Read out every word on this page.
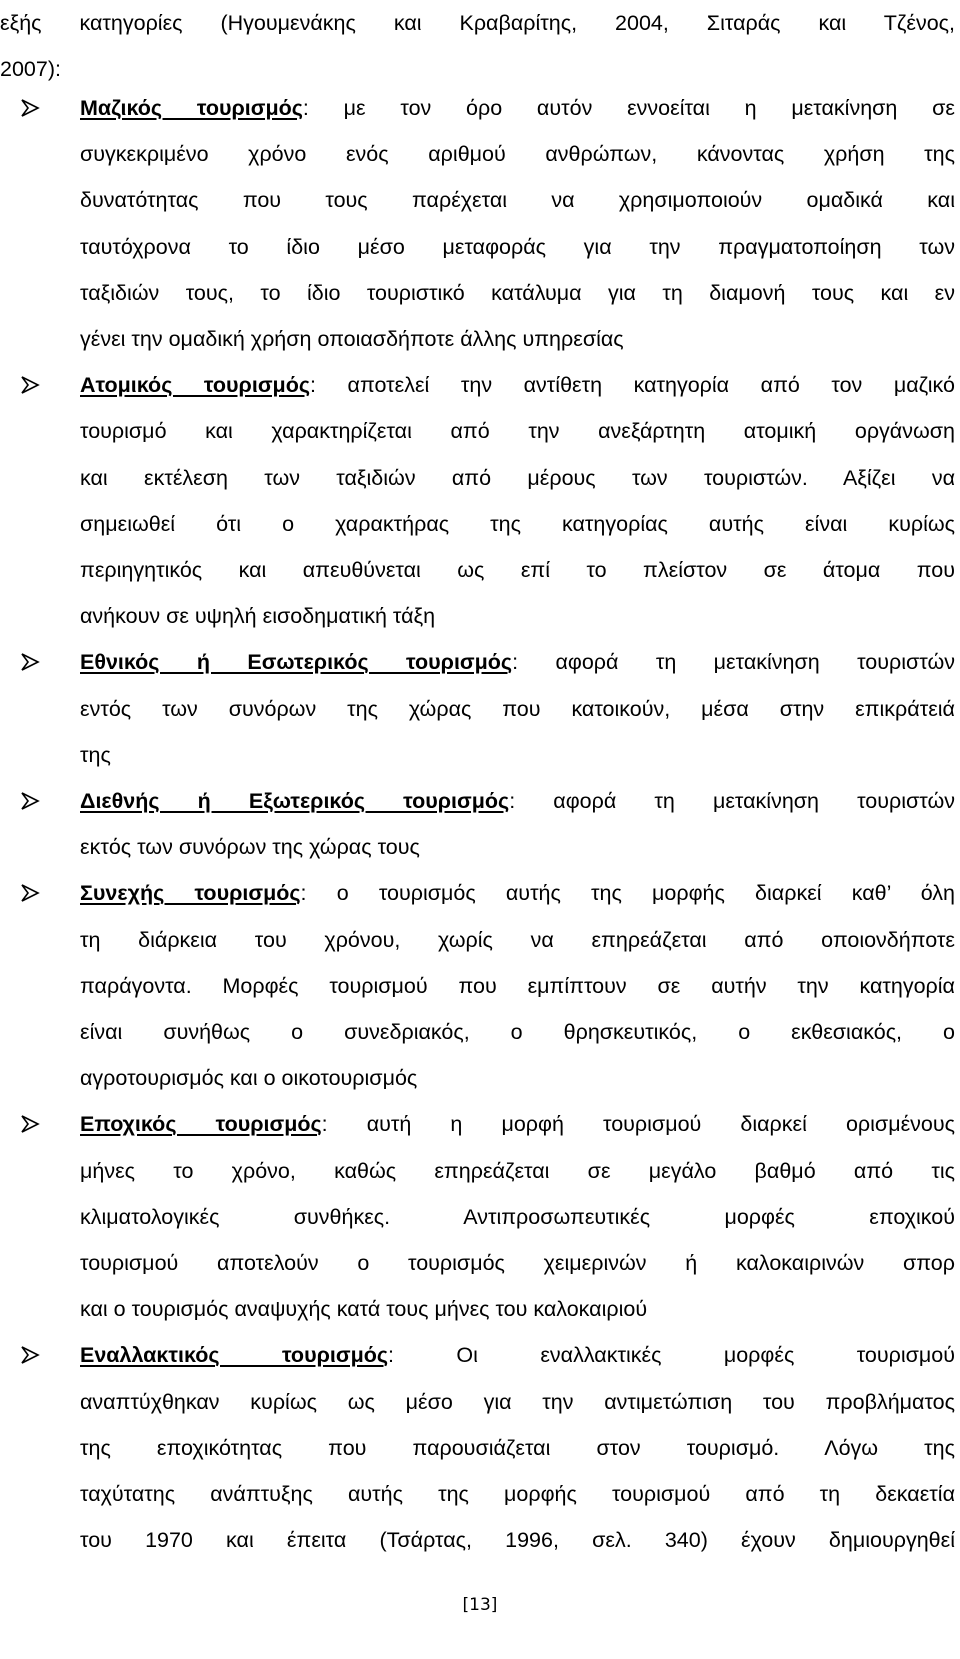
εξής κατηγορίες (Ηγουμενάκης και Κραβαρίτης, 2004, Σιταράς και Τζένος,
2007):
Μαζικός τουρισμός: με τον όρο αυτόν εννοείται η μετακίνηση σε
συγκεκριμένο χρόνο ενός αριθμού ανθρώπων, κάνοντας χρήση της
δυνατότητας που τους παρέχεται να χρησιμοποιούν ομαδικά και
ταυτόχρονα το ίδιο μέσο μεταφοράς για την πραγματοποίηση των
ταξιδιών τους, το ίδιο τουριστικό κατάλυμα για τη διαμονή τους και εν
γένει την ομαδική χρήση οποιασδήποτε άλλης υπηρεσίας
Ατομικός τουρισμός: αποτελεί την αντίθετη κατηγορία από τον μαζικό
τουρισμό και χαρακτηρίζεται από την ανεξάρτητη ατομική οργάνωση
και εκτέλεση των ταξιδιών από μέρους των τουριστών. Αξίζει να
σημειωθεί ότι ο χαρακτήρας της κατηγορίας αυτής είναι κυρίως
περιηγητικός και απευθύνεται ως επί το πλείστον σε άτομα που
ανήκουν σε υψηλή εισοδηματική τάξη
Εθνικός ή Εσωτερικός τουρισμός: αφορά τη μετακίνηση τουριστών
εντός των συνόρων της χώρας που κατοικούν, μέσα στην επικράτειά
της
Διεθνής ή Εξωτερικός τουρισμός: αφορά τη μετακίνηση τουριστών
εκτός των συνόρων της χώρας τους
Συνεχής τουρισμός: ο τουρισμός αυτής της μορφής διαρκεί καθ’ όλη
τη διάρκεια του χρόνου, χωρίς να επηρεάζεται από οποιονδήποτε
παράγοντα. Μορφές τουρισμού που εμπίπτουν σε αυτήν την κατηγορία
είναι συνήθως ο συνεδριακός, ο θρησκευτικός, ο εκθεσιακός, ο
αγροτουρισμός και ο οικοτουρισμός
Εποχικός τουρισμός: αυτή η μορφή τουρισμού διαρκεί ορισμένους
μήνες το χρόνο, καθώς επηρεάζεται σε μεγάλο βαθμό από τις
κλιματολογικές συνθήκες. Αντιπροσωπευτικές μορφές εποχικού
τουρισμού αποτελούν ο τουρισμός χειμερινών ή καλοκαιρινών σπορ
και ο τουρισμός αναψυχής κατά τους μήνες του καλοκαιριού
Εναλλακτικός τουρισμός: Οι εναλλακτικές μορφές τουρισμού
αναπτύχθηκαν κυρίως ως μέσο για την αντιμετώπιση του προβλήματος
της εποχικότητας που παρουσιάζεται στον τουρισμό. Λόγω της
ταχύτατης ανάπτυξης αυτής της μορφής τουρισμού από τη δεκαετία
του 1970 και έπειτα (Τσάρτας, 1996, σελ. 340) έχουν δημιουργηθεί
[13]
